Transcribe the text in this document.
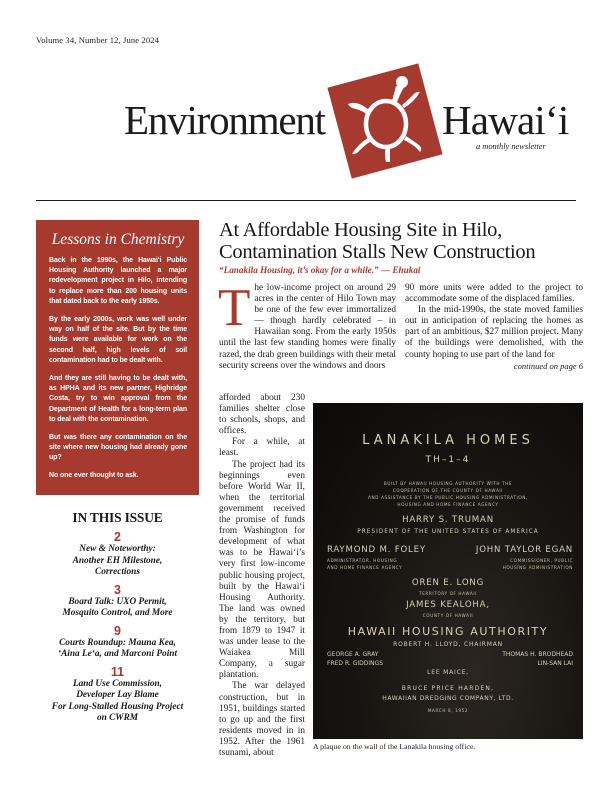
Volume 34, Number 12, June 2024
Environment	Hawaiʻi
a monthly newsletter
Lessons in Chemistry

Back in the 1990s, the Hawaiʻi Public Housing Authority launched a major redevelopment project in Hilo, intending to replace more than 200 housing units that dated back to the early 1950s.

By the early 2000s, work was well under way on half of the site. But by the time funds were available for work on the second half, high levels of soil contamination had to be dealt with.

And they are still having to be dealt with, as HPHA and its new partner, Highridge Costa, try to win approval from the Department of Health for a long-term plan to deal with the contamination.

But was there any contamination on the site where new housing had already gone up?

No one ever thought to ask.

IN THIS ISSUE
2
New & Noteworthy:
Another EH Milestone,
Corrections
3
Board Talk: UXO Permit,
Mosquito Control, and More
9
Courts Roundup: Mauna Kea,
ʻAina Leʻa, and Marconi Point
11
Land Use Commission,
Developer Lay Blame
For Long-Stalled Housing Project
on CWRM
At Affordable Housing Site in Hilo,
Contamination Stalls New Construction
“Lanakila Housing, it’s okay for a while.” — Ehukai

The low-income project on around 29 acres in the center of Hilo Town may be one of the few ever immortalized — though hardly celebrated – in Hawaiian song. From the early 1950s until the last few standing homes were finally razed, the drab green buildings with their metal security screens over the windows and doors

afforded about 230 families shelter close to schools, shops, and offices.

For a while, at least.

The project had its beginnings even before World War II, when the territorial government received the promise of funds from Washington for development of what was to be Hawaiʻi’s very first low-income public housing project, built by the Hawaiʻi Housing Authority. The land was owned by the territory, but from 1879 to 1947 it was under lease to the Waiakea Mill Company, a sugar plantation.

The war delayed construction, but in 1951, buildings started to go up and the first residents moved in in 1952. After the 1961 tsunami, about

90 more units were added to the project to accommodate some of the displaced families.

In the mid-1990s, the state moved families out in anticipation of replacing the homes as part of an ambitious, $27 million project. Many of the buildings were demolished, with the county hoping to use part of the land for

continued on page 6
LANAKILA HOMES
TH–1–4
BUILT BY HAWAII HOUSING AUTHORITY WITH THE
COOPERATION OF THE COUNTY OF HAWAII
AND ASSISTANCE BY THE PUBLIC HOUSING ADMINISTRATION,
HOUSING AND HOME FINANCE AGENCY
HARRY S. TRUMAN
PRESIDENT OF THE UNITED STATES OF AMERICA
RAYMOND M. FOLEY
ADMINISTRATOR, HOUSING
AND HOME FINANCE AGENCY
JOHN TAYLOR EGAN
COMMISSIONER, PUBLIC
HOUSING ADMINISTRATION
OREN E. LONG
TERRITORY OF HAWAII
JAMES KEALOHA,
COUNTY OF HAWAII
HAWAII HOUSING AUTHORITY
ROBERT H. LLOYD, CHAIRMAN
GEORGE A. GRAY
FRED R. GIDDINGS
THOMAS H. BRODHEAD
LIN-SAN LAI
LEE MAICE,
BRUCE PRICE HARDEN,
HAWAIIAN DREDGING COMPANY, LTD.
MARCH 8, 1952
A plaque on the wall of the Lanakila housing office.
